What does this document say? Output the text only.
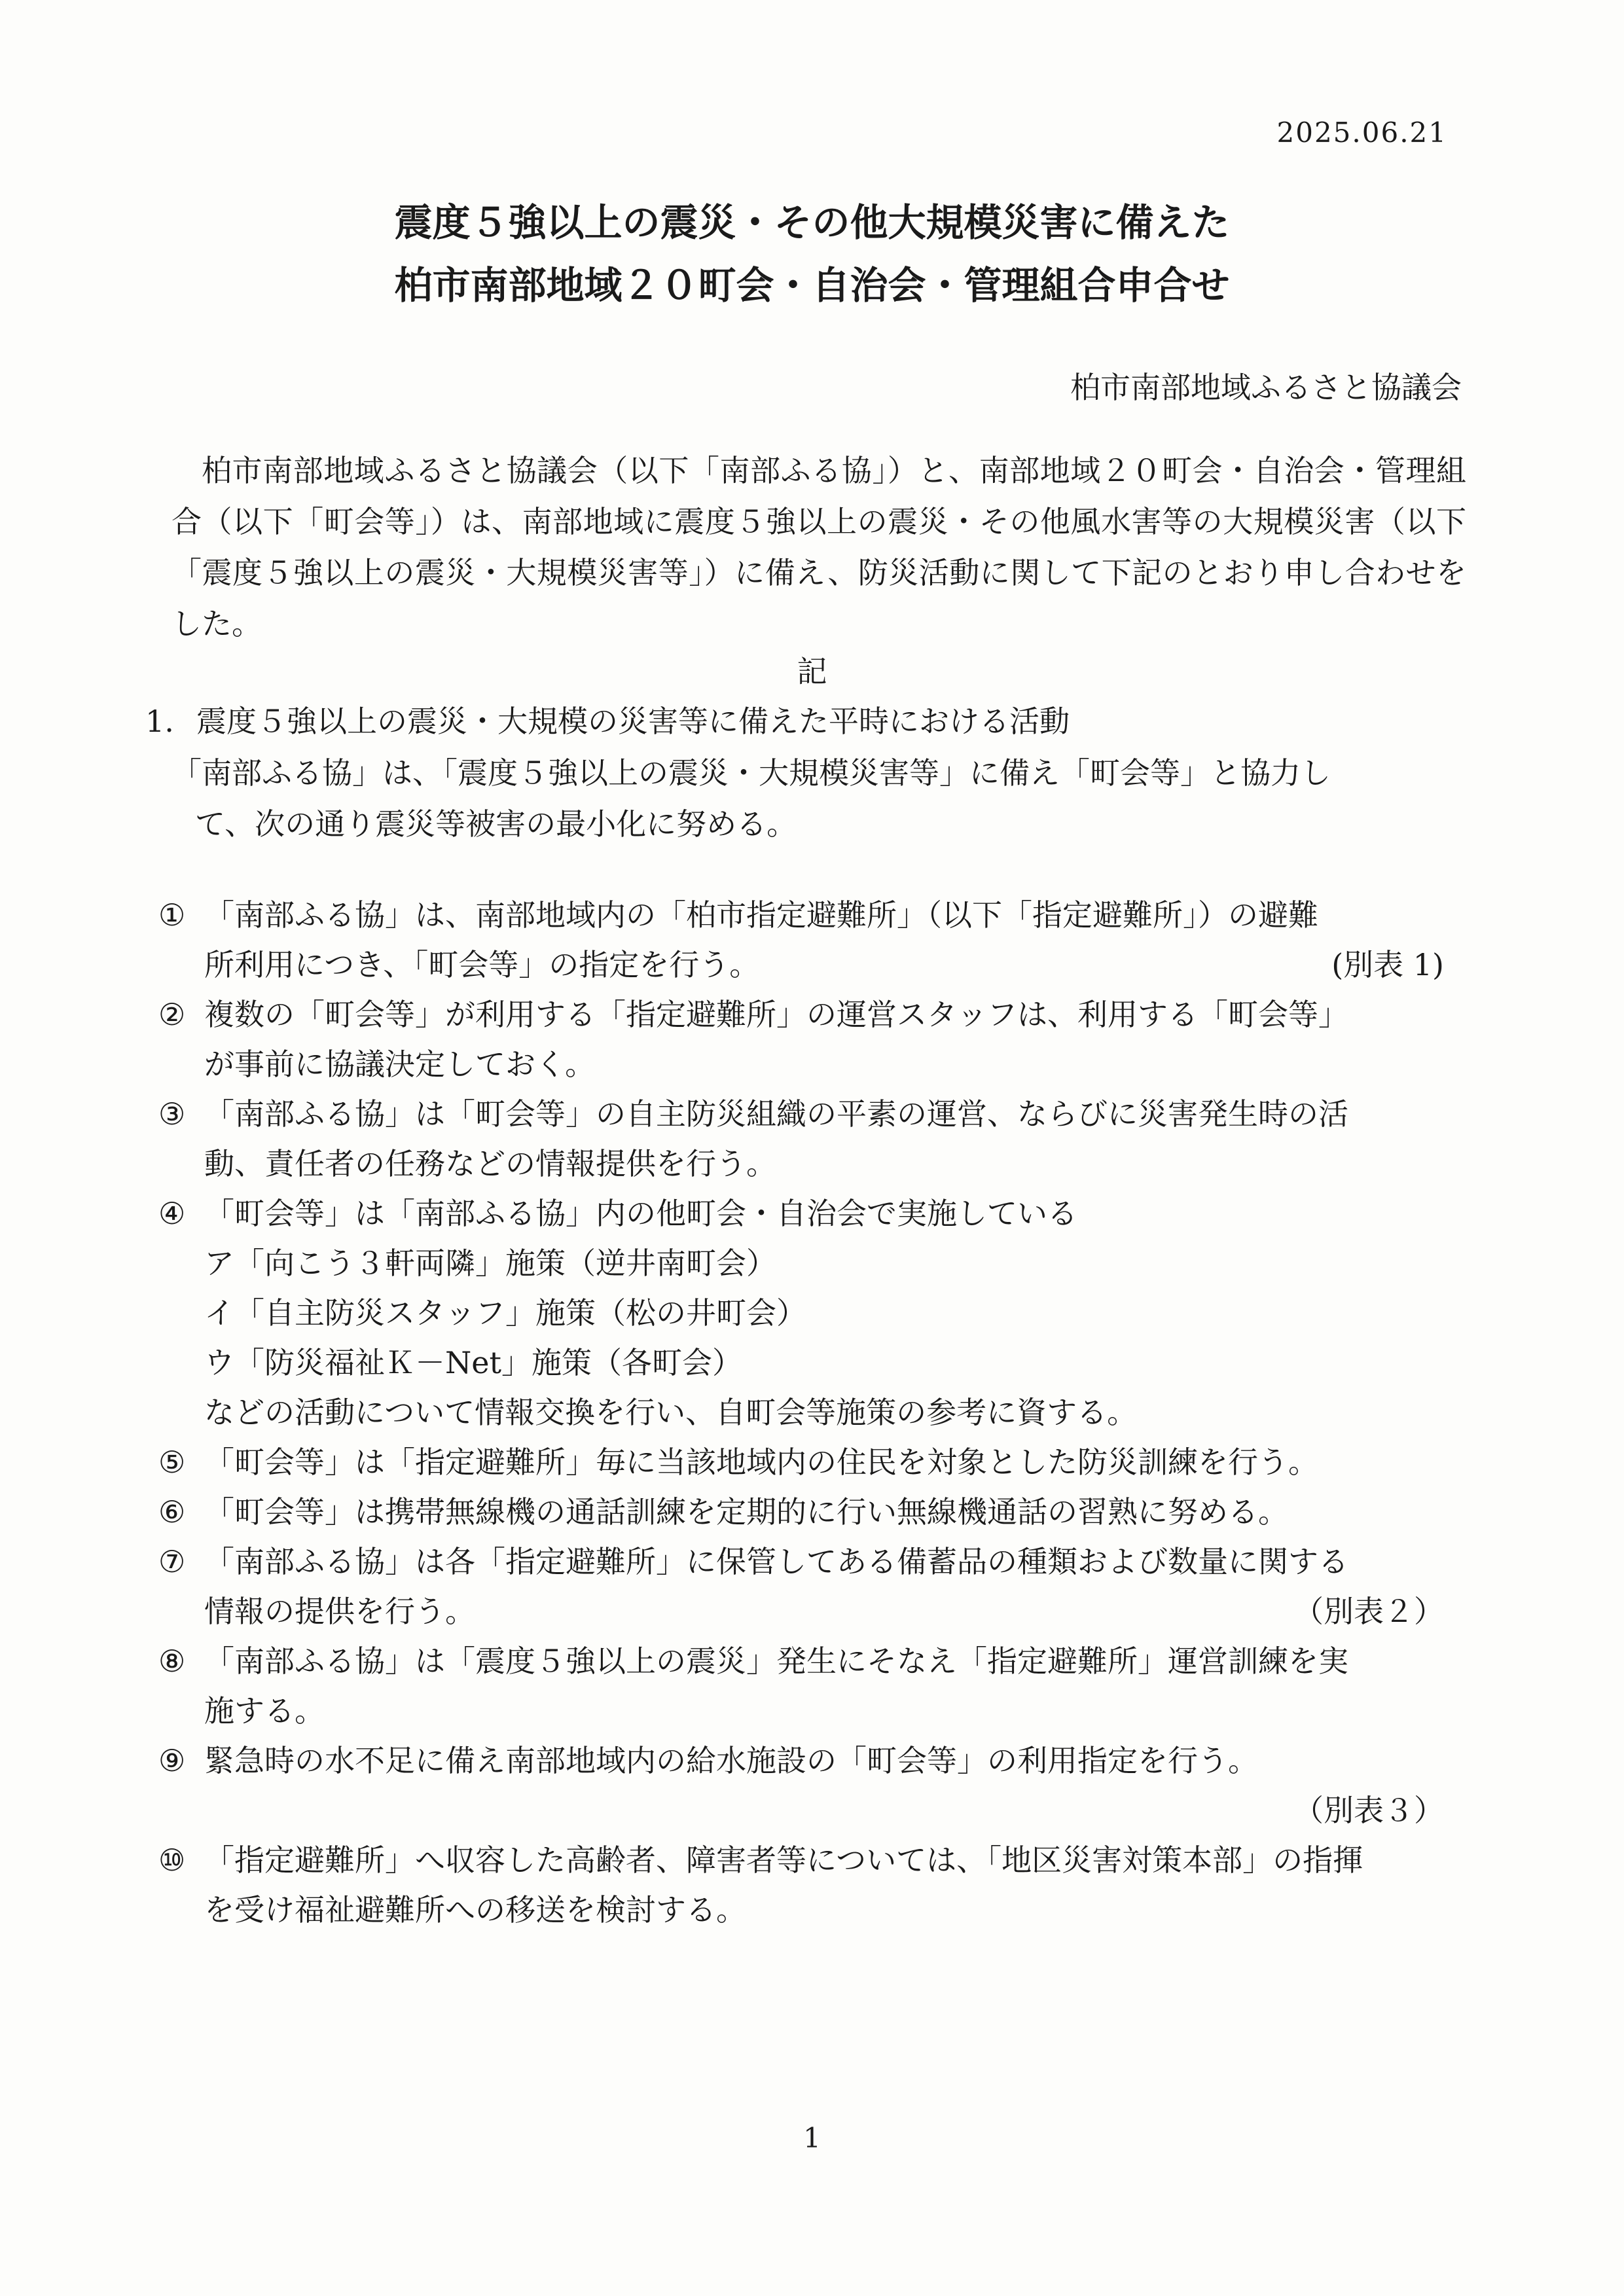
2025.06.21
震度５強以上の震災・その他大規模災害に備えた
柏市南部地域２０町会・自治会・管理組合申合せ
柏市南部地域ふるさと協議会
柏市南部地域ふるさと協議会（以下「南部ふる協」）と、南部地域２０町会・自治会・管理組合（以下「町会等」）は、南部地域に震度５強以上の震災・その他風水害等の大規模災害（以下「震度５強以上の震災・大規模災害等」）に備え、防災活動に関して下記のとおり申し合わせをした。
記
1. 震度５強以上の震災・大規模の災害等に備えた平時における活動
「南部ふる協」は、「震度５強以上の震災・大規模災害等」に備え「町会等」と協力し
て、次の通り震災等被害の最小化に努める。
① 「南部ふる協」は、南部地域内の「柏市指定避難所」（以下「指定避難所」）の避難
所利用につき、「町会等」の指定を行う。	(別表 1)
② 複数の「町会等」が利用する「指定避難所」の運営スタッフは、利用する「町会等」
が事前に協議決定しておく。
③ 「南部ふる協」は「町会等」の自主防災組織の平素の運営、ならびに災害発生時の活
動、責任者の任務などの情報提供を行う。
④ 「町会等」は「南部ふる協」内の他町会・自治会で実施している
ア「向こう３軒両隣」施策（逆井南町会）
イ「自主防災スタッフ」施策（松の井町会）
ウ「防災福祉Ｋ－Net」施策（各町会）
などの活動について情報交換を行い、自町会等施策の参考に資する。
⑤ 「町会等」は「指定避難所」毎に当該地域内の住民を対象とした防災訓練を行う。
⑥ 「町会等」は携帯無線機の通話訓練を定期的に行い無線機通話の習熟に努める。
⑦ 「南部ふる協」は各「指定避難所」に保管してある備蓄品の種類および数量に関する
情報の提供を行う。	（別表２）
⑧ 「南部ふる協」は「震度５強以上の震災」発生にそなえ「指定避難所」運営訓練を実
施する。
⑨ 緊急時の水不足に備え南部地域内の給水施設の「町会等」の利用指定を行う。
（別表３）
⑩ 「指定避難所」へ収容した高齢者、障害者等については、「地区災害対策本部」の指揮
を受け福祉避難所への移送を検討する。
1
